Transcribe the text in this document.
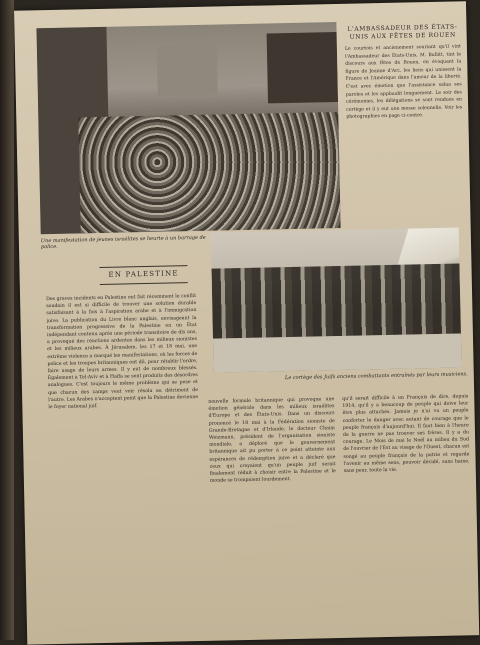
Une manifestation de jeunes israélites se heurte à un barrage de police.
L'AMBASSADEUR DES ÉTATS-UNIS AUX FÊTES DE ROUEN
Le courtois et ancienement souriant qu'il vint l'Ambassadeur des États-Unis, M. Bullitt, tint le discours aux fêtes de Rouen, en évoquant la figure de Jeanne d'Arc, les liens qui unissent la France et l'Amérique dans l'amour de la liberté. C'est avec émotion que l'assistance salua ses paroles et les applaudit longuement. Le soir des cérémonies, les délégations se sont rendues en cortège et il y eut une messe solennelle. Voir les photographies en page ci-contre.
EN PALESTINE
Le cortège des Juifs anciens combattants entraînés par leurs musiciens.
Des graves incidents en Palestine ont fait récemment le conflit soudain il est si difficile de trouver une solution durable satisfaisant à la fois à l'aspiration arabe et à l'immigration juive. La publication du Livre blanc anglais, envisageant la transformation progressive de la Palestine en un État indépendant contenu après une période transitoire de dix ans, a provoqué des réactions ardentes dans les milieux sionistes et les milieux arabes. À Jérusalem, les 17 et 18 mai, une extrême violence a marqué les manifestations, où les forces de police et les troupes britanniques ont dû, pour rétablir l'ordre, faire usage de leurs armes. Il y eut de nombreux blessés. Également à Tel-Aviv et à Haïfa se sont produits des désordres analogues. C'est toujours le même problème qui se pose et que chacun des camps veut voir résolu au détriment de l'autre. Les Arabes n'acceptent point que la Palestine devienne le foyer national juif.
nouvelle formule britannique qui provoque une émotion générale dans les milieux israélites d'Europe et des États-Unis. Dans un discours prononcé le 18 mai à la Fédération sioniste de Grande-Bretagne et d'Irlande, le docteur Chaim Weizmann, président de l'organisation sioniste mondiale, a déploré que le gouvernement britannique ait pu porter à ce point atteinte aux espérances de rédemption juive et a déclaré que ceux qui croyaient qu'un peuple juif serait finalement réduit à choisir entre la Palestine et le monde se trompaient lourdement.
qu'il serait difficile à un Français de dire, depuis 1914, qu'il y a beaucoup de peuple qui doive leur être plus attachés. Jamais je n'ai vu un peuple conforter le danger avec autant de courage que le peuple français d'aujourd'hui. Il faut bien à l'heure de la guerre ne pas trouver ses frères. Il y a du courage. Le Mois de mai le Noël au milieu du Sud de l'ouvrier de l'Est au visage de l'Ouest, chacun est songé au peuple français de la patrie et regarde l'avenir au même sens, pouvoir décidé, sans haine, sans peur, toute la vie.
